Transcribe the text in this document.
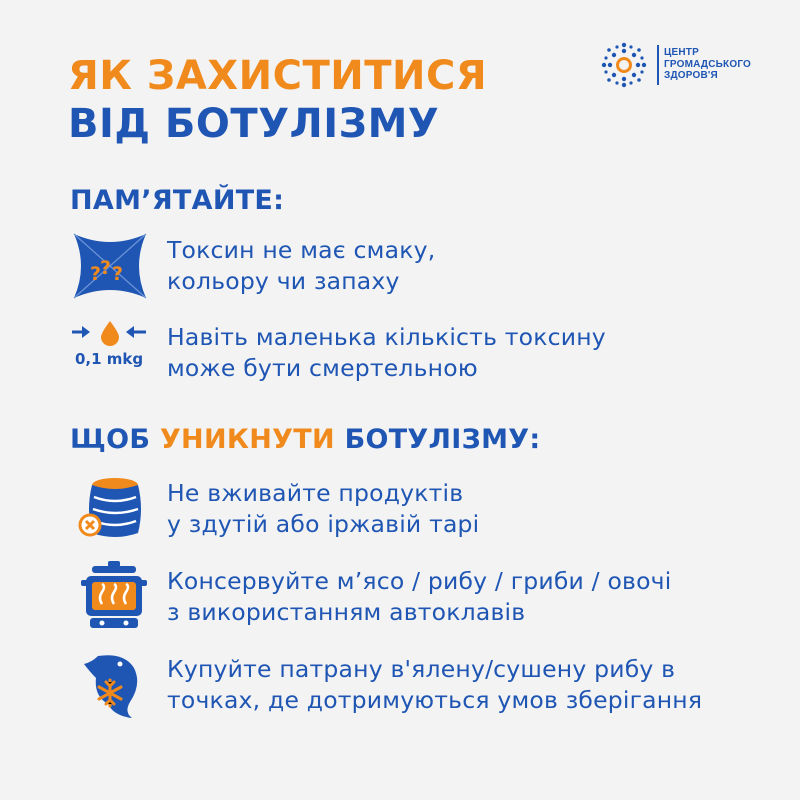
ЯК ЗАХИСТИТИСЯ
ВІД БОТУЛІЗМУ
ЦЕНТР
ГРОМАДСЬКОГО
ЗДОРОВ'Я
ПАМ’ЯТАЙТЕ:
?
? ?
Токсин не має смаку,
кольору чи запаху
0,1 mkg
Навіть маленька кількість токсину
може бути смертельною
ЩОБ УНИКНУТИ БОТУЛІЗМУ:
Не вживайте продуктів
у здутій або іржавій тарі
Консервуйте м’ясо / рибу / гриби / овочі
з використанням автоклавів
Купуйте патрану в'ялену/сушену рибу в
точках, де дотримуються умов зберігання
